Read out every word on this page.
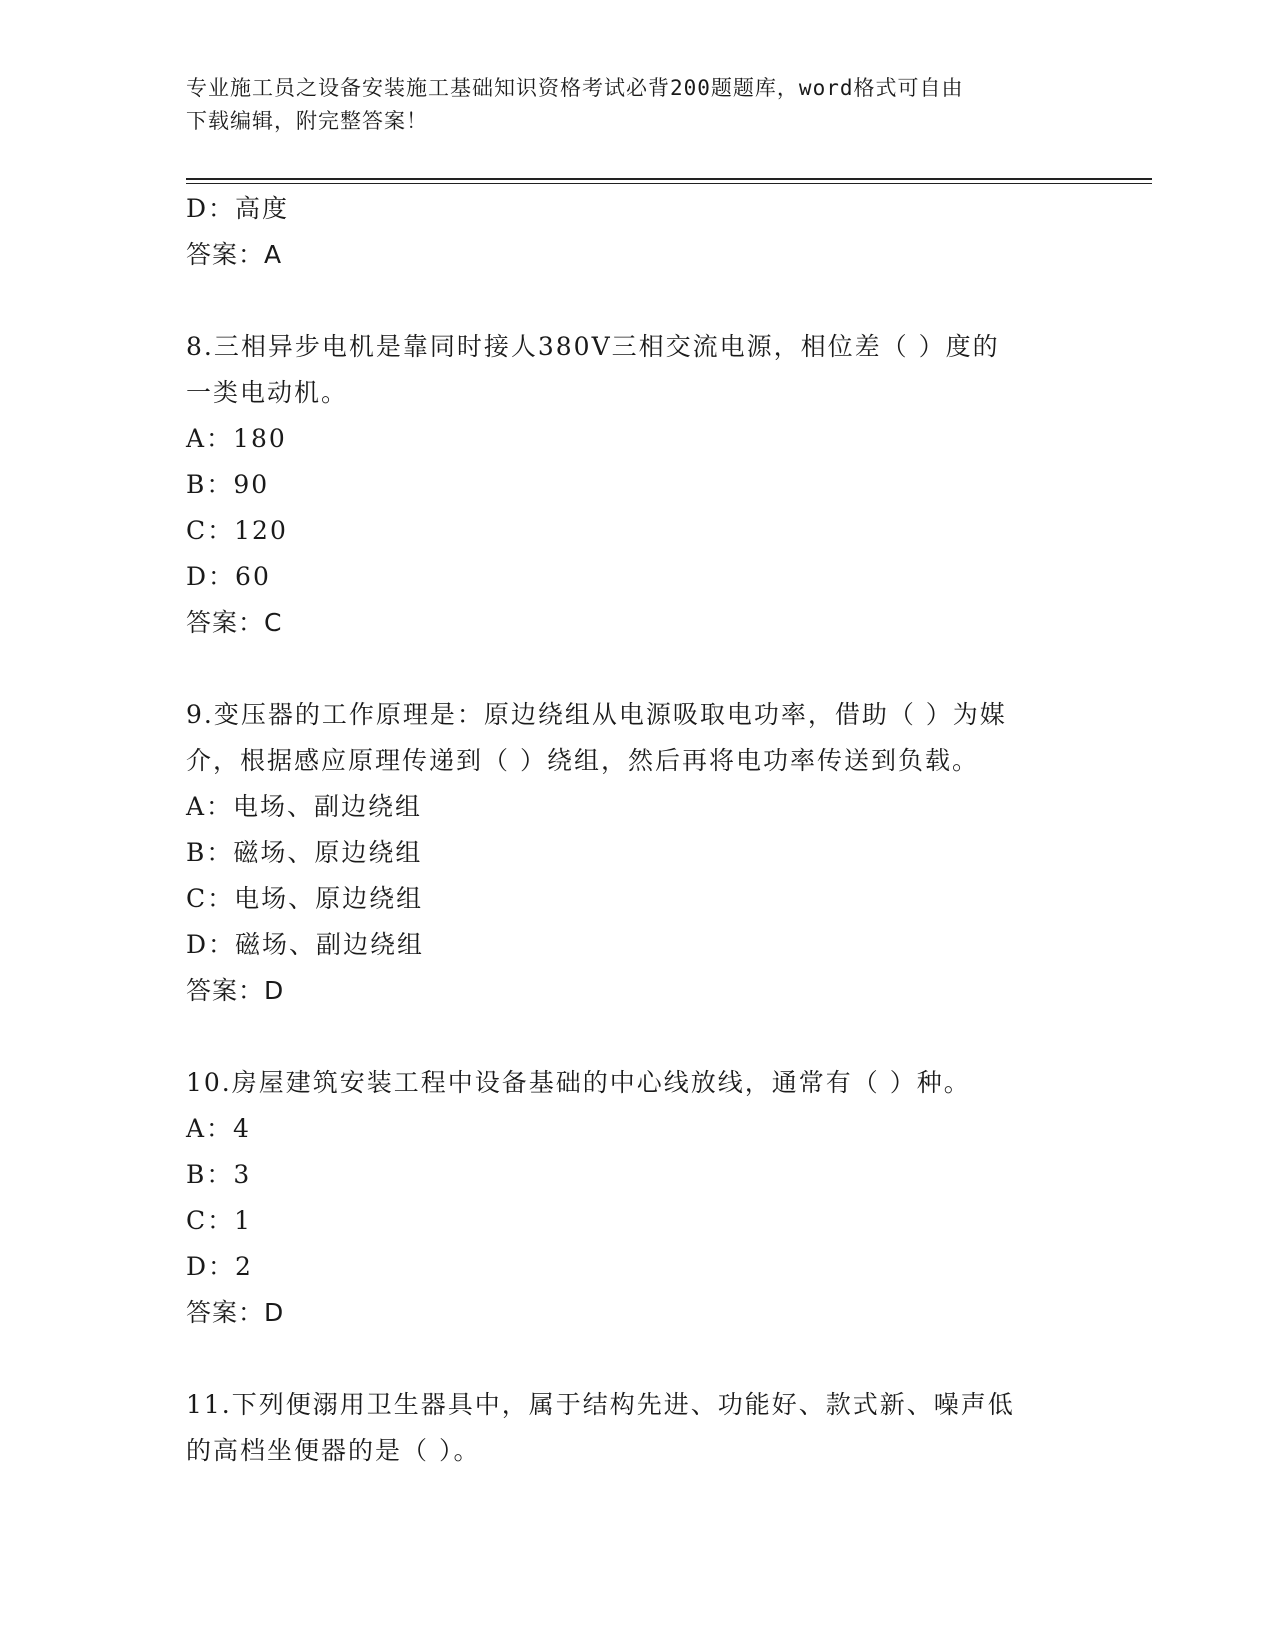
专业施工员之设备安装施工基础知识资格考试必背200题题库，word格式可自由
下载编辑，附完整答案！
D：高度
答案：A
8.三相异步电机是靠同时接人380V三相交流电源，相位差（ ）度的
一类电动机。
A：180
B：90
C：120
D：60
答案：C
9.变压器的工作原理是：原边绕组从电源吸取电功率，借助（ ）为媒
介，根据感应原理传递到（ ）绕组，然后再将电功率传送到负载。
A：电场、副边绕组
B：磁场、原边绕组
C：电场、原边绕组
D：磁场、副边绕组
答案：D
10.房屋建筑安装工程中设备基础的中心线放线，通常有（ ）种。
A：4
B：3
C：1
D：2
答案：D
11.下列便溺用卫生器具中，属于结构先进、功能好、款式新、噪声低
的高档坐便器的是（ ）。
